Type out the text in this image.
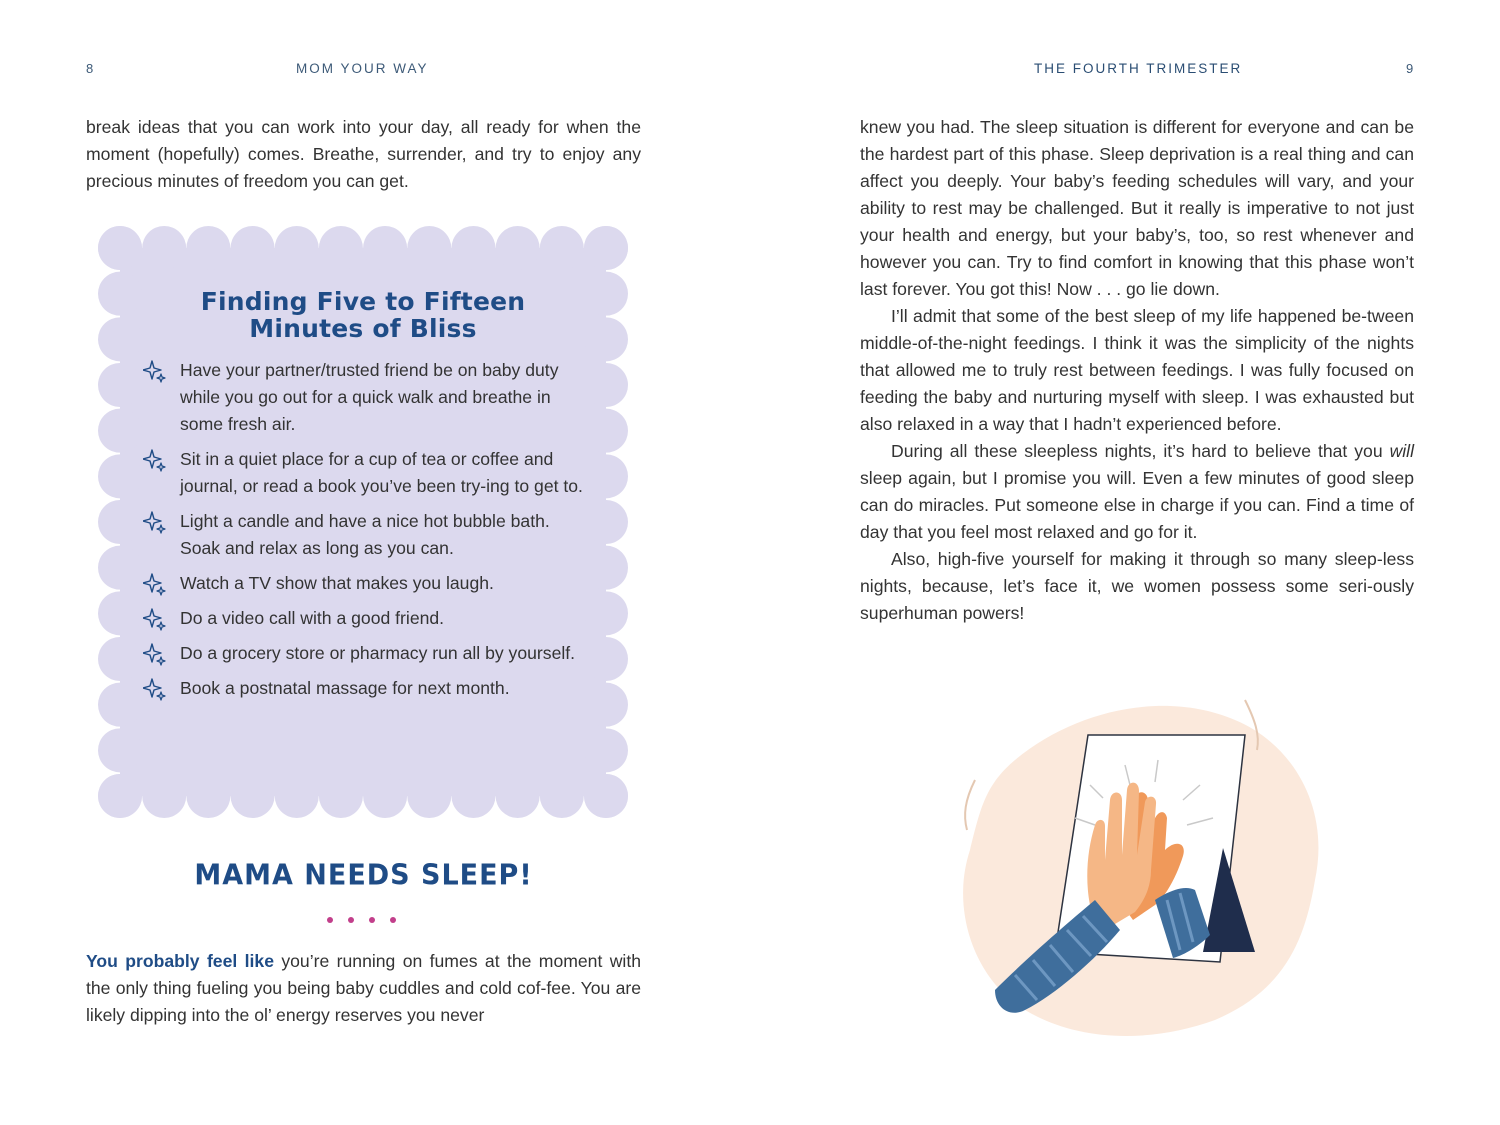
8	MOM YOUR WAY

break ideas that you can work into your day, all ready for when the moment (hopefully) comes. Breathe, surrender, and try to enjoy any precious minutes of freedom you can get.

Finding Five to Fifteen
Minutes of Bliss
Have your partner/trusted friend be on baby duty while you go out for a quick walk and breathe in some fresh air.
Sit in a quiet place for a cup of tea or coffee and journal, or read a book you’ve been try-ing to get to.
Light a candle and have a nice hot bubble bath. Soak and relax as long as you can.
Watch a TV show that makes you laugh.
Do a video call with a good friend.
Do a grocery store or pharmacy run all by yourself.
Book a postnatal massage for next month.
MAMA NEEDS SLEEP!

You probably feel like you’re running on fumes at the moment with the only thing fueling you being baby cuddles and cold cof-fee. You are likely dipping into the ol’ energy reserves you never

THE FOURTH TRIMESTER	9

knew you had. The sleep situation is different for everyone and can be the hardest part of this phase. Sleep deprivation is a real thing and can affect you deeply. Your baby’s feeding schedules will vary, and your ability to rest may be challenged. But it really is imperative to not just your health and energy, but your baby’s, too, so rest whenever and however you can. Try to find comfort in knowing that this phase won’t last forever. You got this! Now . . . go lie down.

I’ll admit that some of the best sleep of my life happened be-tween middle-of-the-night feedings. I think it was the simplicity of the nights that allowed me to truly rest between feedings. I was fully focused on feeding the baby and nurturing myself with sleep. I was exhausted but also relaxed in a way that I hadn’t experienced before.

During all these sleepless nights, it’s hard to believe that you will sleep again, but I promise you will. Even a few minutes of good sleep can do miracles. Put someone else in charge if you can. Find a time of day that you feel most relaxed and go for it.

Also, high-five yourself for making it through so many sleep-less nights, because, let’s face it, we women possess some seri-ously superhuman powers!
